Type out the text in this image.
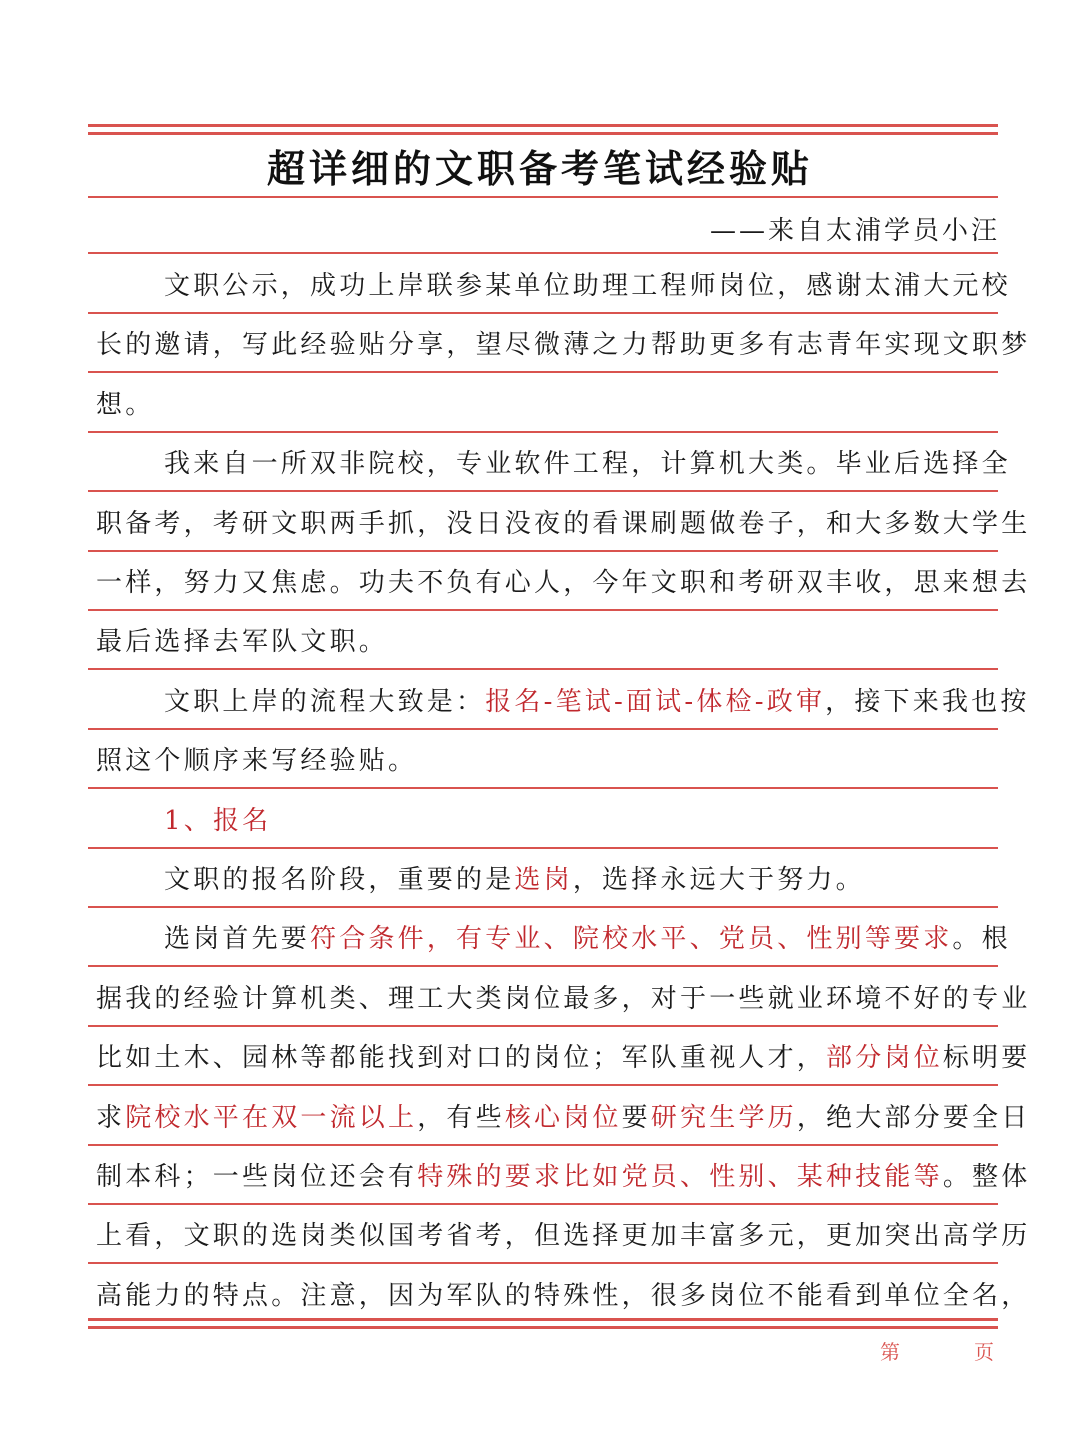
超详细的文职备考笔试经验贴
——来自太浦学员小汪
文职公示，成功上岸联参某单位助理工程师岗位，感谢太浦大元校
长的邀请，写此经验贴分享，望尽微薄之力帮助更多有志青年实现文职梦
想。
我来自一所双非院校，专业软件工程，计算机大类。毕业后选择全
职备考，考研文职两手抓，没日没夜的看课刷题做卷子，和大多数大学生
一样，努力又焦虑。功夫不负有心人，今年文职和考研双丰收，思来想去
最后选择去军队文职。
文职上岸的流程大致是：报名-笔试-面试-体检-政审，接下来我也按
照这个顺序来写经验贴。
1、报名
文职的报名阶段，重要的是选岗，选择永远大于努力。
选岗首先要符合条件，有专业、院校水平、党员、性别等要求。根
据我的经验计算机类、理工大类岗位最多，对于一些就业环境不好的专业
比如土木、园林等都能找到对口的岗位；军队重视人才，部分岗位标明要
求院校水平在双一流以上，有些核心岗位要研究生学历，绝大部分要全日
制本科；一些岗位还会有特殊的要求比如党员、性别、某种技能等。整体
上看，文职的选岗类似国考省考，但选择更加丰富多元，更加突出高学历
高能力的特点。注意，因为军队的特殊性，很多岗位不能看到单位全名，
第	页
